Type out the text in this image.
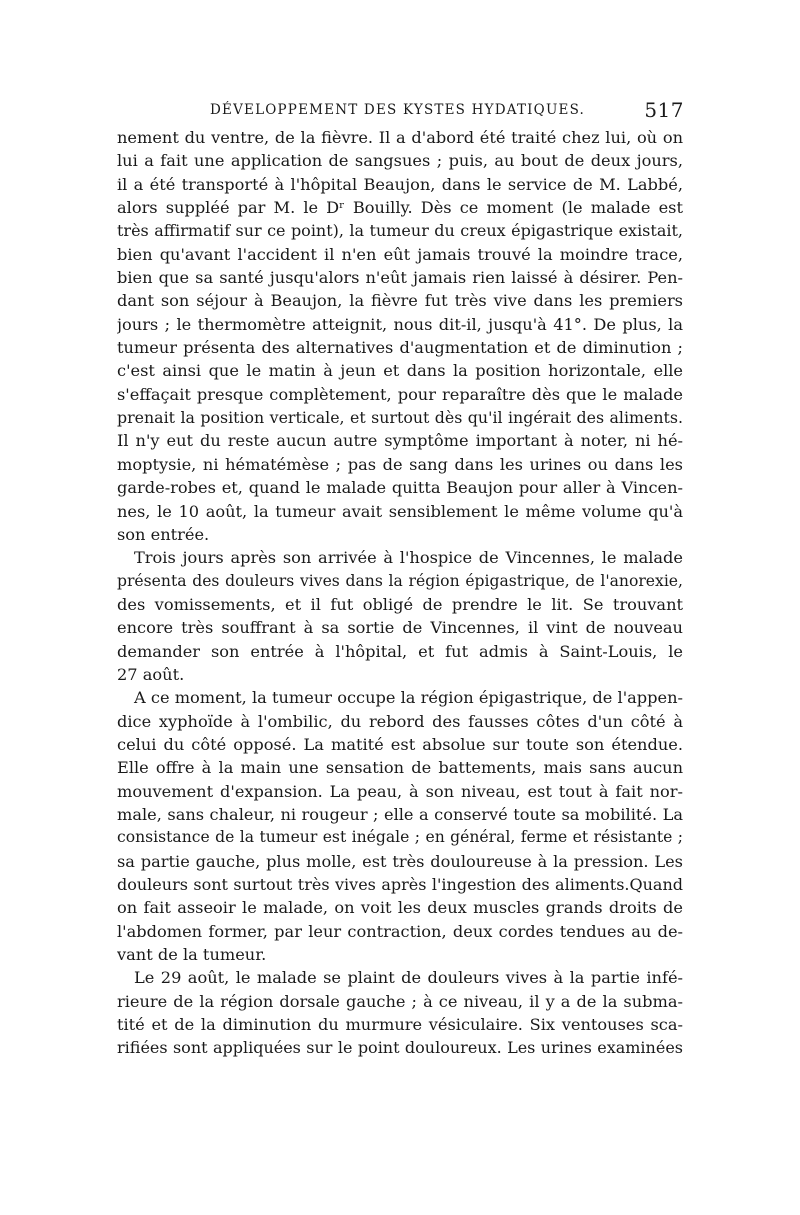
DÉVELOPPEMENT DES KYSTES HYDATIQUES.	517
nement du ventre, de la fièvre. Il a d'abord été traité chez lui, où on
lui a fait une application de sangsues ; puis, au bout de deux jours,
il a été transporté à l'hôpital Beaujon, dans le service de M. Labbé,
alors suppléé par M. le Dʳ Bouilly. Dès ce moment (le malade est
très affirmatif sur ce point), la tumeur du creux épigastrique existait,
bien qu'avant l'accident il n'en eût jamais trouvé la moindre trace,
bien que sa santé jusqu'alors n'eût jamais rien laissé à désirer. Pen-
dant son séjour à Beaujon, la fièvre fut très vive dans les premiers
jours ; le thermomètre atteignit, nous dit-il, jusqu'à 41°. De plus, la
tumeur présenta des alternatives d'augmentation et de diminution ;
c'est ainsi que le matin à jeun et dans la position horizontale, elle
s'effaçait presque complètement, pour reparaître dès que le malade
prenait la position verticale, et surtout dès qu'il ingérait des aliments.
Il n'y eut du reste aucun autre symptôme important à noter, ni hé-
moptysie, ni hématémèse ; pas de sang dans les urines ou dans les
garde-robes et, quand le malade quitta Beaujon pour aller à Vincen-
nes, le 10 août, la tumeur avait sensiblement le même volume qu'à
son entrée.
Trois jours après son arrivée à l'hospice de Vincennes, le malade
présenta des douleurs vives dans la région épigastrique, de l'anorexie,
des vomissements, et il fut obligé de prendre le lit. Se trouvant
encore très souffrant à sa sortie de Vincennes, il vint de nouveau
demander son entrée à l'hôpital, et fut admis à Saint-Louis, le
27 août.
A ce moment, la tumeur occupe la région épigastrique, de l'appen-
dice xyphoïde à l'ombilic, du rebord des fausses côtes d'un côté à
celui du côté opposé. La matité est absolue sur toute son étendue.
Elle offre à la main une sensation de battements, mais sans aucun
mouvement d'expansion. La peau, à son niveau, est tout à fait nor-
male, sans chaleur, ni rougeur ; elle a conservé toute sa mobilité. La
consistance de la tumeur est inégale ; en général, ferme et résistante ;
sa partie gauche, plus molle, est très douloureuse à la pression. Les
douleurs sont surtout très vives après l'ingestion des aliments.Quand
on fait asseoir le malade, on voit les deux muscles grands droits de
l'abdomen former, par leur contraction, deux cordes tendues au de-
vant de la tumeur.
Le 29 août, le malade se plaint de douleurs vives à la partie infé-
rieure de la région dorsale gauche ; à ce niveau, il y a de la subma-
tité et de la diminution du murmure vésiculaire. Six ventouses sca-
rifiées sont appliquées sur le point douloureux. Les urines examinées
